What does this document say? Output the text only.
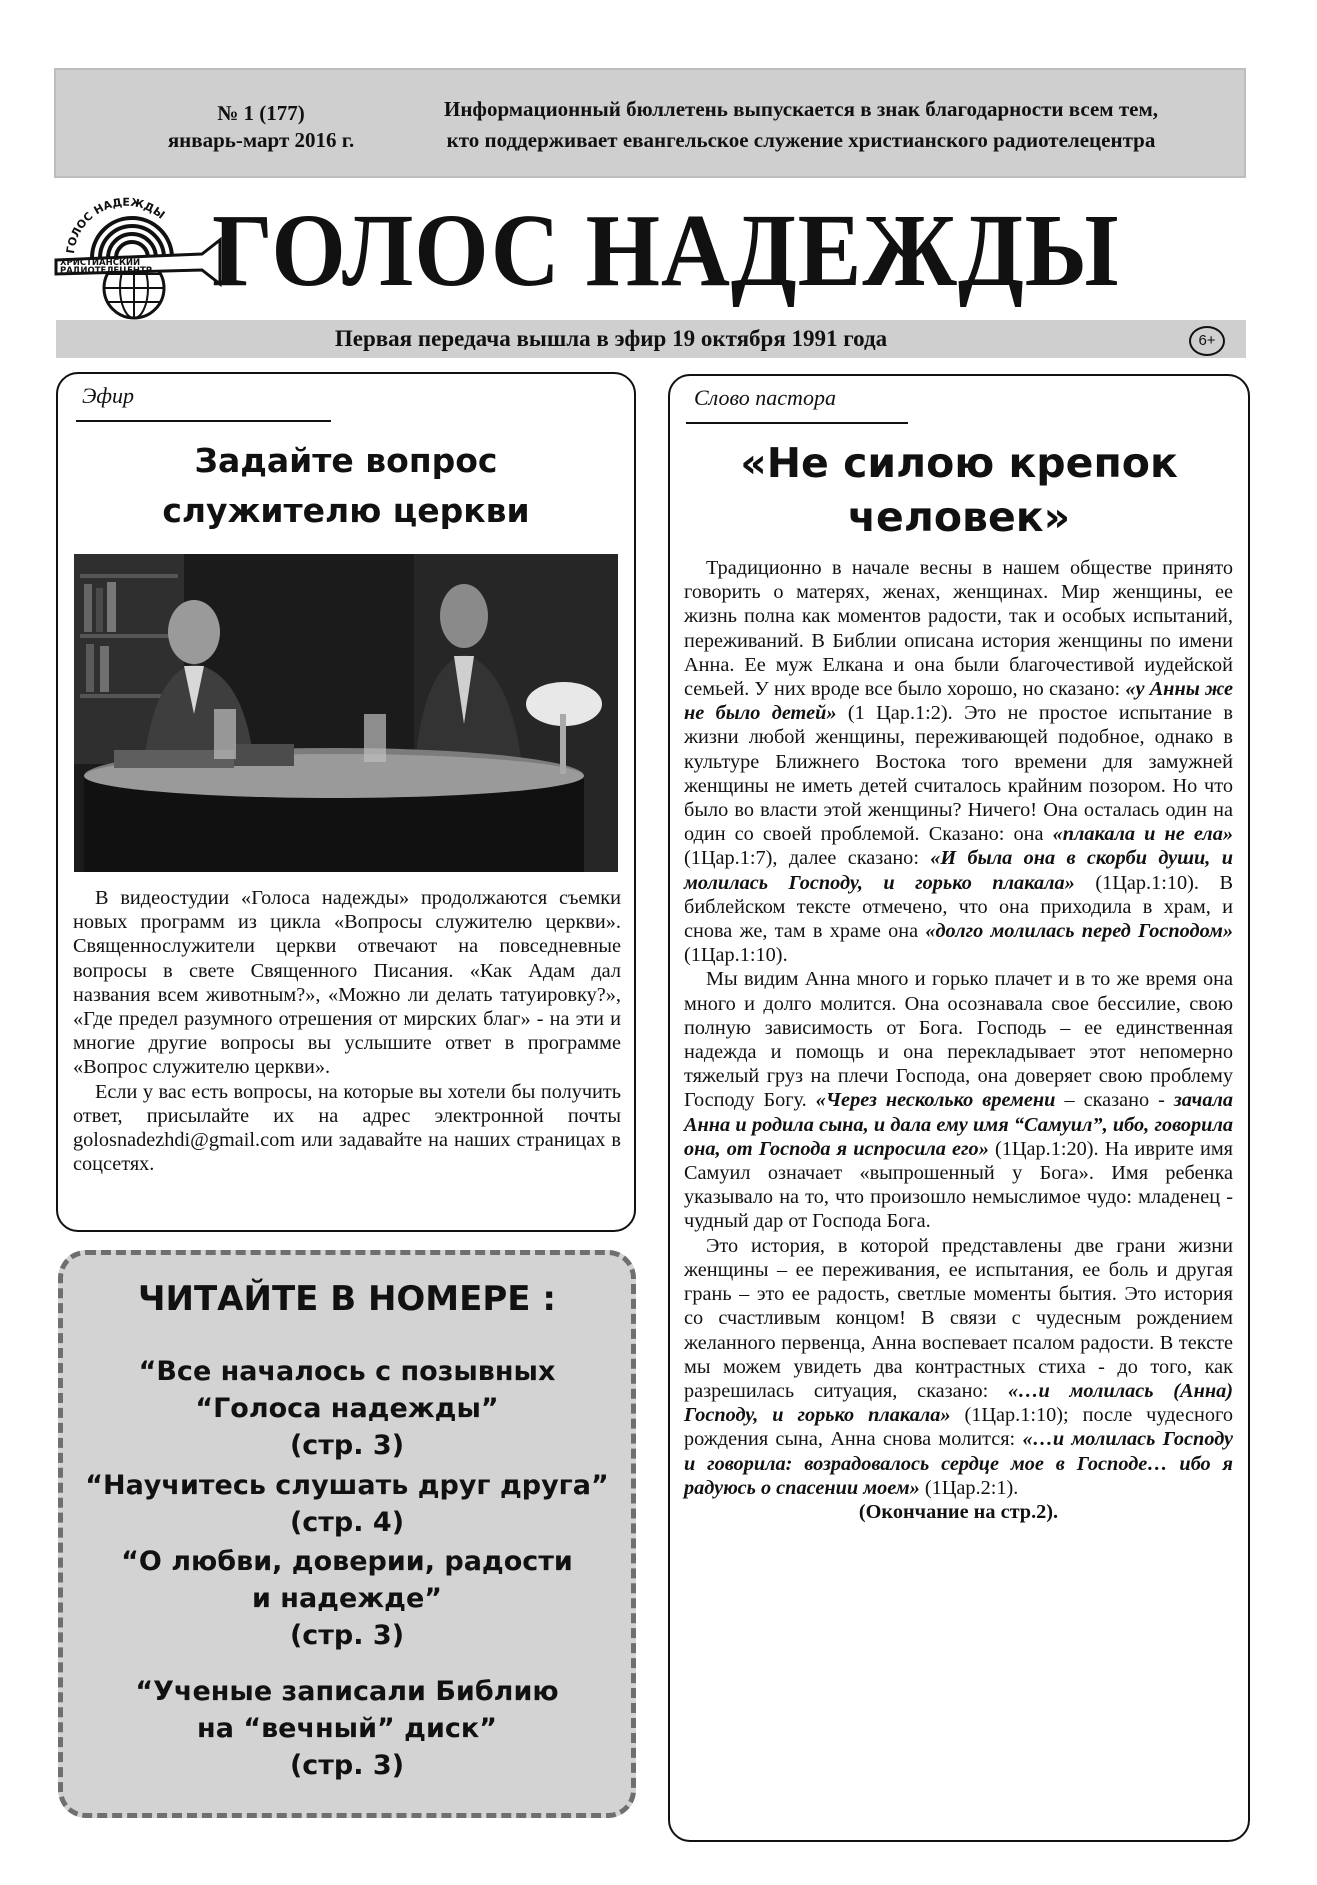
№ 1 (177)
январь-март 2016 г.
Информационный бюллетень выпускается в знак благодарности всем тем,
кто поддерживает евангельское служение христианского радиотелецентра
ХРИСТИАНСКИЙ
РАДИОТЕЛЕЦЕНТР
ГОЛОС НАДЕЖДЫ ГОЛОС НАДЕЖДЫ
Первая передача вышла в эфир 19 октября 1991 года	6+
Эфир
Задайте вопрос
служителю церкви

В видеостудии «Голоса надежды» продолжаются съемки новых программ из цикла «Вопросы служителю церкви». Священнослужители церкви отвечают на повседневные вопросы в свете Священного Писания. «Как Адам дал названия всем животным?», «Можно ли делать татуировку?», «Где предел разумного отрешения от мирских благ» - на эти и многие другие вопросы вы услышите ответ в программе «Вопрос служителю церкви».

Если у вас есть вопросы, на которые вы хотели бы получить ответ, присылайте их на адрес электронной почты golosnadezhdi@gmail.com или задавайте на наших страницах в соцсетях.

ЧИТАЙТЕ В НОМЕРЕ :
“Все началось с позывных
“Голоса надежды”
(стр. 3)
“Научитесь слушать друг друга”
(стр. 4)
“О любви, доверии, радости
и надежде”
(стр. 3)
“Ученые записали Библию
на “вечный” диск”
(стр. 3)
Слово пастора
«Не силою крепок
человек»

Традиционно в начале весны в нашем обществе принято говорить о матерях, женах, женщинах. Мир женщины, ее жизнь полна как моментов радости, так и особых испытаний, переживаний. В Библии описана история женщины по имени Анна. Ее муж Елкана и она были благочестивой иудейской семьей. У них вроде все было хорошо, но сказано: «у Анны же не было детей» (1 Цар.1:2). Это не простое испытание в жизни любой женщины, переживающей подобное, однако в культуре Ближнего Востока того времени для замужней женщины не иметь детей считалось крайним позором. Но что было во власти этой женщины? Ничего! Она осталась один на один со своей проблемой. Сказано: она «плакала и не ела» (1Цар.1:7), далее сказано: «И была она в скорби души, и молилась Господу, и горько плакала» (1Цар.1:10). В библейском тексте отмечено, что она приходила в храм, и снова же, там в храме она «долго молилась перед Господом» (1Цар.1:10).

Мы видим Анна много и горько плачет и в то же время она много и долго молится. Она осознавала свое бессилие, свою полную зависимость от Бога. Господь – ее единственная надежда и помощь и она перекладывает этот непомерно тяжелый груз на плечи Господа, она доверяет свою проблему Господу Богу. «Через несколько времени – сказано - зачала Анна и родила сына, и дала ему имя “Самуил”, ибо, говорила она, от Господа я испросила его» (1Цар.1:20). На иврите имя Самуил означает «выпрошенный у Бога». Имя ребенка указывало на то, что произошло немыслимое чудо: младенец - чудный дар от Господа Бога.

Это история, в которой представлены две грани жизни женщины – ее переживания, ее испытания, ее боль и другая грань – это ее радость, светлые моменты бытия. Это история со счастливым концом! В связи с чудесным рождением желанного первенца, Анна воспевает псалом радости. В тексте мы можем увидеть два контрастных стиха - до того, как разрешилась ситуация, сказано: «…и молилась (Анна) Господу, и горько плакала» (1Цар.1:10); после чудесного рождения сына, Анна снова молится: «…и молилась Господу и говорила: возрадовалось сердце мое в Господе… ибо я радуюсь о спасении моем» (1Цар.2:1).

(Окончание на стр.2).
